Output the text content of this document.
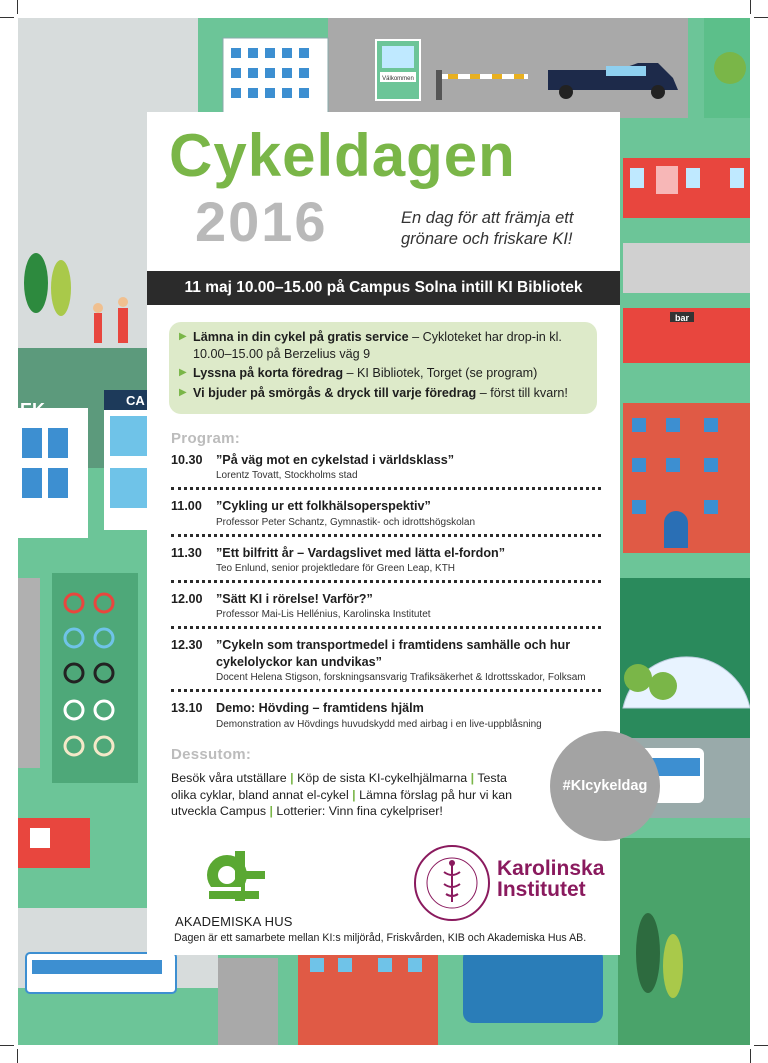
Välkommen
bar
EK	CA
Cykeldagen
2016	En dag för att främja ett
grönare och friskare KI!
11 maj 10.00–15.00 på Campus Solna intill KI Bibliotek
▶ Lämna in din cykel på gratis service – Cykloteket har drop-in kl. 10.00–15.00 på Berzelius väg 9
▶ Lyssna på korta föredrag – KI Bibliotek, Torget (se program)
▶ Vi bjuder på smörgås & dryck till varje föredrag – först till kvarn!
Program:
10.30	”På väg mot en cykelstad i världsklass”
Lorentz Tovatt, Stockholms stad
11.00	”Cykling ur ett folkhälsoperspektiv”
Professor Peter Schantz, Gymnastik- och idrottshögskolan
11.30	”Ett bilfritt år – Vardagslivet med lätta el-fordon”
Teo Enlund, senior projektledare för Green Leap, KTH
12.00	”Sätt KI i rörelse! Varför?”
Professor Mai-Lis Hellénius, Karolinska Institutet
12.30	”Cykeln som transportmedel i framtidens samhälle och hur cykelolyckor kan undvikas”
Docent Helena Stigson, forskningsansvarig Trafiksäkerhet & Idrottsskador, Folksam
13.10	Demo: Hövding – framtidens hjälm
Demonstration av Hövdings huvudskydd med airbag i en live-uppblåsning
Dessutom:
Besök våra utställare | Köp de sista KI-cykelhjälmarna | Testa olika cyklar, bland annat el-cykel | Lämna förslag på hur vi kan utveckla Campus | Lotterier: Vinn fina cykelpriser!
AKADEMISKA HUS
Karolinska
Institutet
Dagen är ett samarbete mellan KI:s miljöråd, Friskvården, KIB och Akademiska Hus AB.
#KIcykeldag
